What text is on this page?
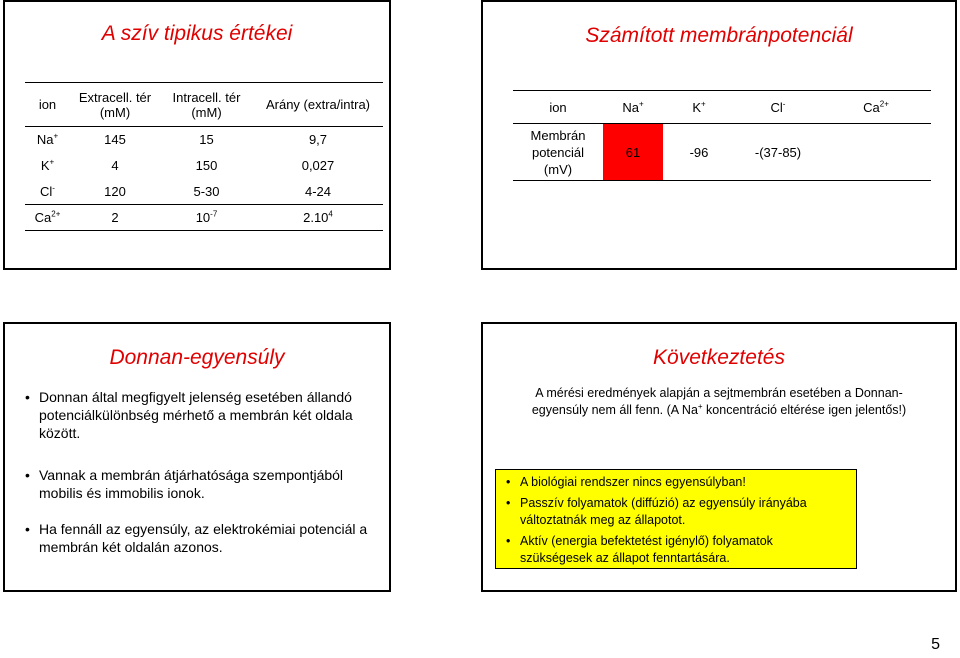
A szív tipikus értékei
ion	Extracell. tér (mM)	Intracell. tér (mM)	Arány (extra/intra)
Na+	145	15	9,7
K+	4	150	0,027
Cl-	120	5-30	4-24
$Ca^{2+}$	2	$10^{-7}$	2.10$^4$
Számított membránpotenciál
ion	Na+	K+	Cl-	$Ca^{2+}$
Membrán potenciál (mV)	61	-96	-(37-85)	
Donnan-egyensúly
• Donnan által megfigyelt jelenség esetében állandó potenciálkülönbség mérhető a membrán két oldala között.
• Vannak a membrán átjárhatósága szempontjából mobilis és immobilis ionok.
• Ha fennáll az egyensúly, az elektrokémiai potenciál a membrán két oldalán azonos.
Következtetés
A mérési eredmények alapján a sejtmembrán esetében a Donnan-egyensúly nem áll fenn. (A Na+ koncentráció eltérése igen jelentős!)
• A biológiai rendszer nincs egyensúlyban!
• Passzív folyamatok (diffúzió) az egyensúly irányába változtatnák meg az állapotot.
• Aktív (energia befektetést igénylő) folyamatok szükségesek az állapot fenntartására.
5
